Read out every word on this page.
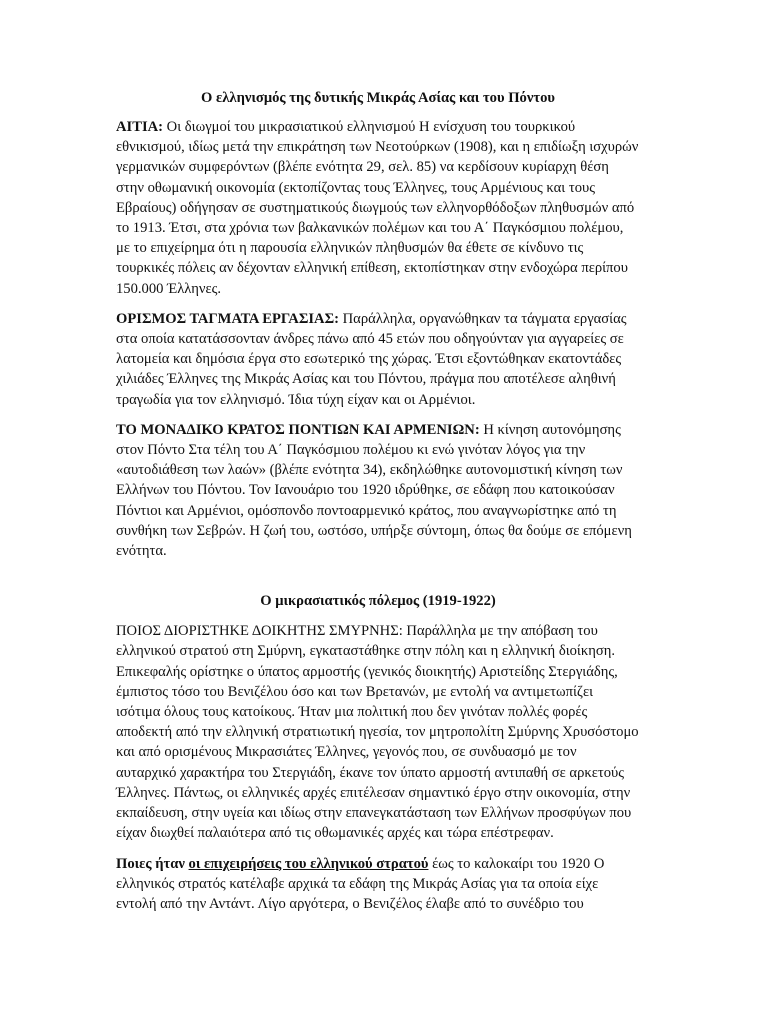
Ο ελληνισμός της δυτικής Μικράς Ασίας και του Πόντου

ΑΙΤΙΑ: Οι διωγμοί του μικρασιατικού ελληνισμού Η ενίσχυση του τουρκικού εθνικισμού, ιδίως μετά την επικράτηση των Νεοτούρκων (1908), και η επιδίωξη ισχυρών γερμανικών συμφερόντων (βλέπε ενότητα 29, σελ. 85) να κερδίσουν κυρίαρχη θέση στην οθωμανική οικονομία (εκτοπίζοντας τους Έλληνες, τους Αρμένιους και τους Εβραίους) οδήγησαν σε συστηματικούς διωγμούς των ελληνορθόδοξων πληθυσμών από το 1913. Έτσι, στα χρόνια των βαλκανικών πολέμων και του Α΄ Παγκόσμιου πολέμου, με το επιχείρημα ότι η παρουσία ελληνικών πληθυσμών θα έθετε σε κίνδυνο τις τουρκικές πόλεις αν δέχονταν ελληνική επίθεση, εκτοπίστηκαν στην ενδοχώρα περίπου 150.000 Έλληνες.

ΟΡΙΣΜΟΣ ΤΑΓΜΑΤΑ ΕΡΓΑΣΙΑΣ: Παράλληλα, οργανώθηκαν τα τάγματα εργασίας στα οποία κατατάσσονταν άνδρες πάνω από 45 ετών που οδηγούνταν για αγγαρείες σε λατομεία και δημόσια έργα στο εσωτερικό της χώρας. Έτσι εξοντώθηκαν εκατοντάδες χιλιάδες Έλληνες της Μικράς Ασίας και του Πόντου, πράγμα που αποτέλεσε αληθινή τραγωδία για τον ελληνισμό. Ίδια τύχη είχαν και οι Αρμένιοι.

ΤΟ ΜΟΝΑΔΙΚΟ ΚΡΑΤΟΣ ΠΟΝΤΙΩΝ ΚΑΙ ΑΡΜΕΝΙΩΝ: Η κίνηση αυτονόμησης στον Πόντο Στα τέλη του Α΄ Παγκόσμιου πολέμου κι ενώ γινόταν λόγος για την «αυτοδιάθεση των λαών» (βλέπε ενότητα 34), εκδηλώθηκε αυτονομιστική κίνηση των Ελλήνων του Πόντου. Τον Ιανουάριο του 1920 ιδρύθηκε, σε εδάφη που κατοικούσαν Πόντιοι και Αρμένιοι, ομόσπονδο ποντοαρμενικό κράτος, που αναγνωρίστηκε από τη συνθήκη των Σεβρών. Η ζωή του, ωστόσο, υπήρξε σύντομη, όπως θα δούμε σε επόμενη ενότητα.

Ο μικρασιατικός πόλεμος (1919-1922)

ΠΟΙΟΣ ΔΙΟΡΙΣΤΗΚΕ ΔΟΙΚΗΤΗΣ ΣΜΥΡΝΗΣ: Παράλληλα με την απόβαση του ελληνικού στρατού στη Σμύρνη, εγκαταστάθηκε στην πόλη και η ελληνική διοίκηση. Επικεφαλής ορίστηκε ο ύπατος αρμοστής (γενικός διοικητής) Αριστείδης Στεργιάδης, έμπιστος τόσο του Βενιζέλου όσο και των Βρετανών, με εντολή να αντιμετωπίζει ισότιμα όλους τους κατοίκους. Ήταν μια πολιτική που δεν γινόταν πολλές φορές αποδεκτή από την ελληνική στρατιωτική ηγεσία, τον μητροπολίτη Σμύρνης Χρυσόστομο και από ορισμένους Μικρασιάτες Έλληνες, γεγονός που, σε συνδυασμό με τον αυταρχικό χαρακτήρα του Στεργιάδη, έκανε τον ύπατο αρμοστή αντιπαθή σε αρκετούς Έλληνες. Πάντως, οι ελληνικές αρχές επιτέλεσαν σημαντικό έργο στην οικονομία, στην εκπαίδευση, στην υγεία και ιδίως στην επανεγκατάσταση των Ελλήνων προσφύγων που είχαν διωχθεί παλαιότερα από τις οθωμανικές αρχές και τώρα επέστρεφαν.

Ποιες ήταν οι επιχειρήσεις του ελληνικού στρατού έως το καλοκαίρι του 1920 Ο ελληνικός στρατός κατέλαβε αρχικά τα εδάφη της Μικράς Ασίας για τα οποία είχε εντολή από την Αντάντ. Λίγο αργότερα, ο Βενιζέλος έλαβε από το συνέδριο του
